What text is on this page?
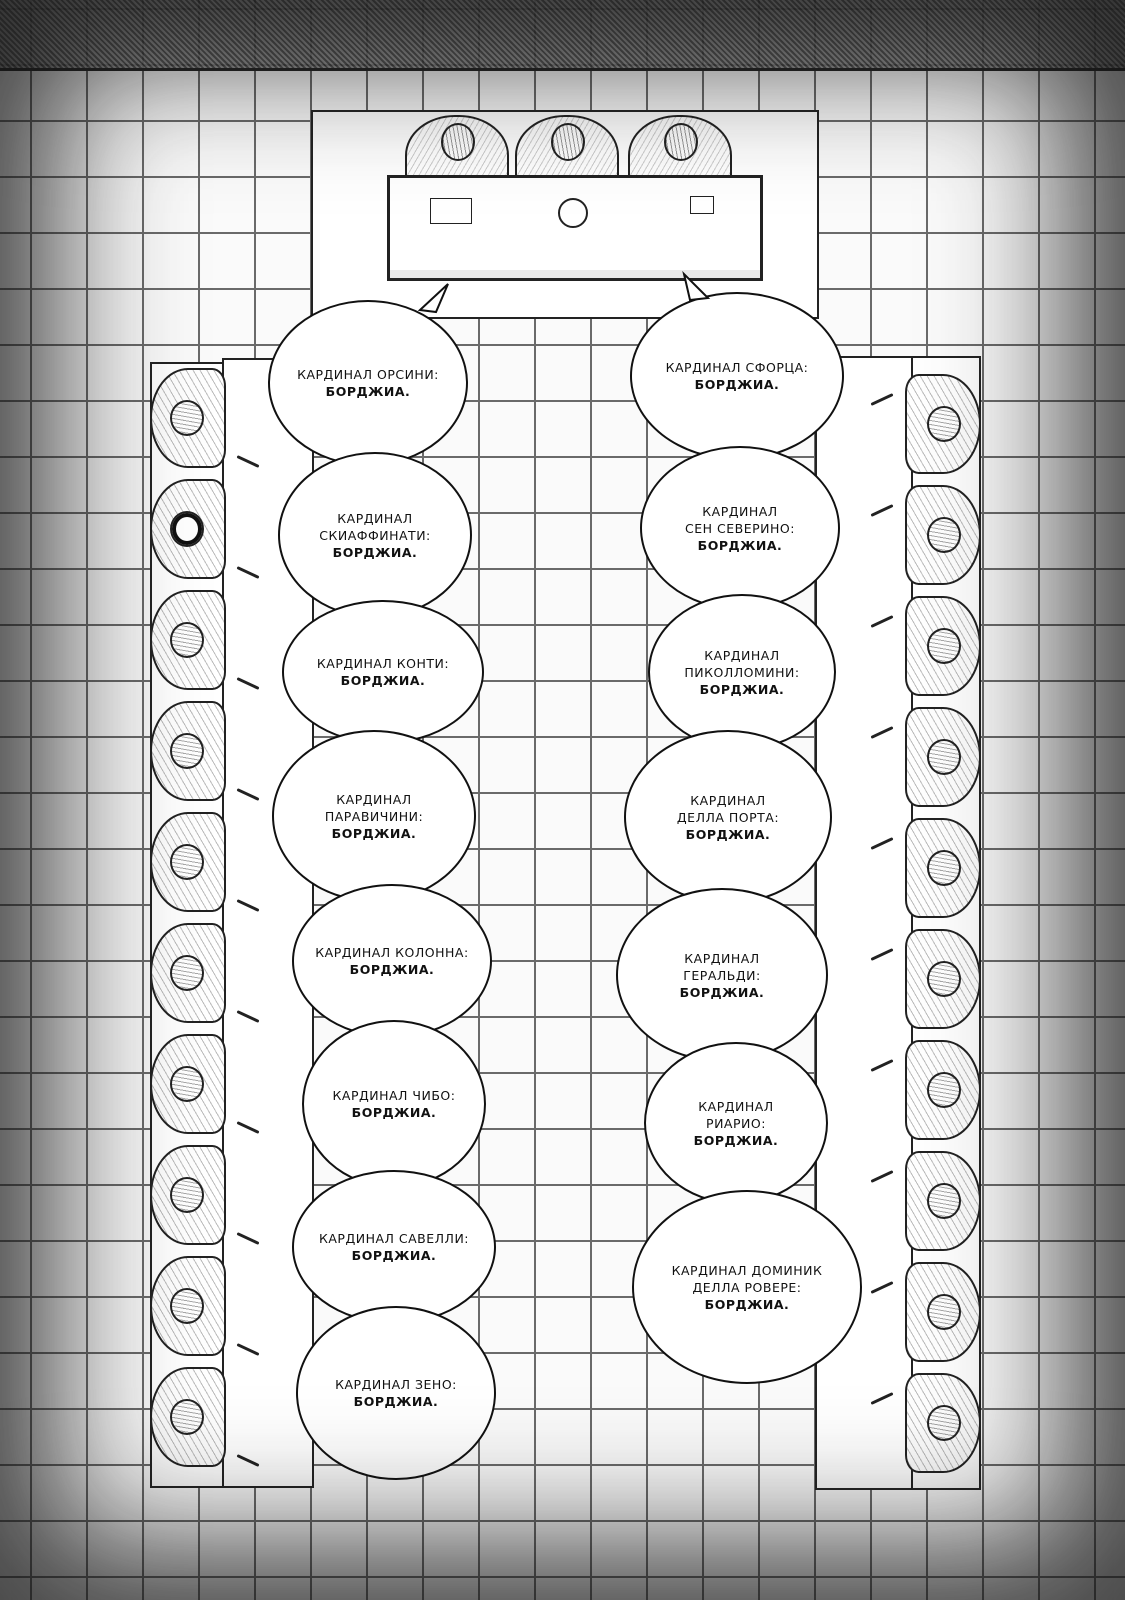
КАРДИНАЛ ОРСИНИ:
БОРДЖИА.
КАРДИНАЛ
СКИАФФИНАТИ:
БОРДЖИА.
КАРДИНАЛ КОНТИ:
БОРДЖИА.
КАРДИНАЛ
ПАРАВИЧИНИ:
БОРДЖИА.
КАРДИНАЛ КОЛОННА:
БОРДЖИА.
КАРДИНАЛ ЧИБО:
БОРДЖИА.
КАРДИНАЛ САВЕЛЛИ:
БОРДЖИА.
КАРДИНАЛ ЗЕНО:
БОРДЖИА.
КАРДИНАЛ СФОРЦА:
БОРДЖИА.
КАРДИНАЛ
СЕН СЕВЕРИНО:
БОРДЖИА.
КАРДИНАЛ
ПИКОЛЛОМИНИ:
БОРДЖИА.
КАРДИНАЛ
ДЕЛЛА ПОРТА:
БОРДЖИА.
КАРДИНАЛ
ГЕРАЛЬДИ:
БОРДЖИА.
КАРДИНАЛ
РИАРИО:
БОРДЖИА.
КАРДИНАЛ ДОМИНИК
ДЕЛЛА РОВЕРЕ:
БОРДЖИА.
